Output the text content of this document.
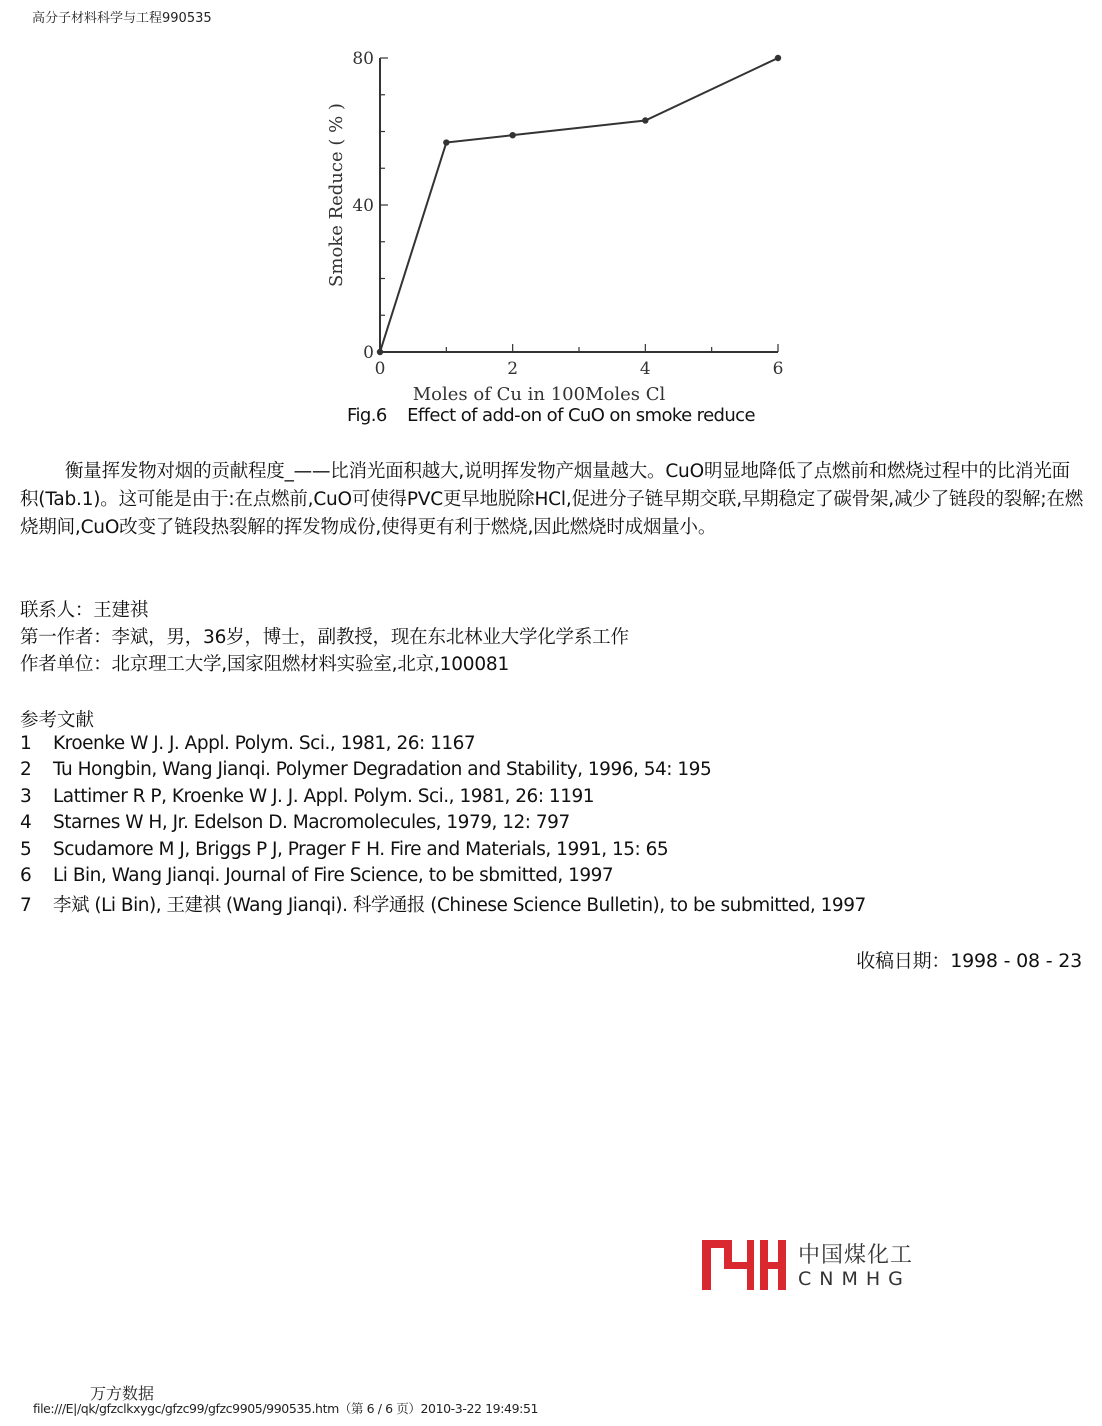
高分子材料科学与工程990535
0
40
80
0	2	4	6
Moles of Cu in 100Moles Cl
Smoke Reduce ( % )
Fig.6    Effect of add-on of CuO on smoke reduce

衡量挥发物对烟的贡献程度_——比消光面积越大,说明挥发物产烟量越大。CuO明显地降低了点燃前和燃烧过程中的比消光面积(Tab.1)。这可能是由于:在点燃前,CuO可使得PVC更早地脱除HCl,促进分子链早期交联,早期稳定了碳骨架,减少了链段的裂解;在燃烧期间,CuO改变了链段热裂解的挥发物成份,使得更有利于燃烧,因此燃烧时成烟量小。

联系人：王建祺
第一作者：李斌，男，36岁，博士，副教授，现在东北林业大学化学系工作
作者单位：北京理工大学,国家阻燃材料实验室,北京,100081
参考文献
1 Kroenke W J. J. Appl. Polym. Sci., 1981, 26: 1167
2 Tu Hongbin, Wang Jianqi. Polymer Degradation and Stability, 1996, 54: 195
3 Lattimer R P, Kroenke W J. J. Appl. Polym. Sci., 1981, 26: 1191
4 Starnes W H, Jr. Edelson D. Macromolecules, 1979, 12: 797
5 Scudamore M J, Briggs P J, Prager F H. Fire and Materials, 1991, 15: 65
6 Li Bin, Wang Jianqi. Journal of Fire Science, to be sbmitted, 1997
7 李斌 (Li Bin), 王建祺 (Wang Jianqi). 科学通报 (Chinese Science Bulletin), to be submitted, 1997
收稿日期：1998 - 08 - 23
中国煤化工
CNMHG
万方数据
file:///E|/qk/gfzclkxygc/gfzc99/gfzc9905/990535.htm（第 6 / 6 页）2010-3-22 19:49:51
